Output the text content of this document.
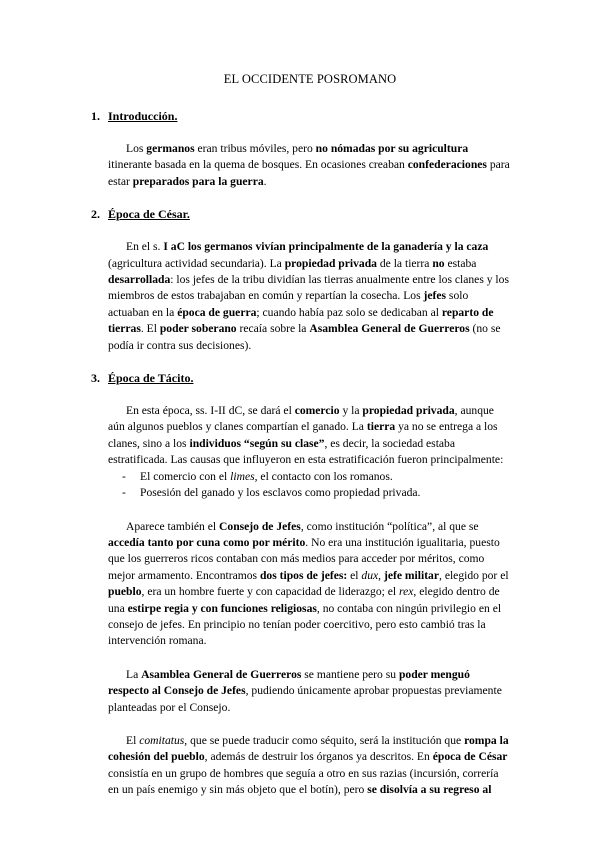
EL OCCIDENTE POSROMANO
1. Introducción.

Los germanos eran tribus móviles, pero no nómadas por su agricultura itinerante basada en la quema de bosques. En ocasiones creaban confederaciones para estar preparados para la guerra.

2. Época de César.

En el s. I aC los germanos vivían principalmente de la ganadería y la caza (agricultura actividad secundaria). La propiedad privada de la tierra no estaba desarrollada: los jefes de la tribu dividían las tierras anualmente entre los clanes y los miembros de estos trabajaban en común y repartían la cosecha. Los jefes solo actuaban en la época de guerra; cuando había paz solo se dedicaban al reparto de tierras. El poder soberano recaía sobre la Asamblea General de Guerreros (no se podía ir contra sus decisiones).

3. Época de Tácito.

En esta época, ss. I-II dC, se dará el comercio y la propiedad privada, aunque aún algunos pueblos y clanes compartían el ganado. La tierra ya no se entrega a los clanes, sino a los individuos “según su clase”, es decir, la sociedad estaba estratificada. Las causas que influyeron en esta estratificación fueron principalmente:

-	El comercio con el limes, el contacto con los romanos.
-	Posesión del ganado y los esclavos como propiedad privada.

Aparece también el Consejo de Jefes, como institución “política”, al que se accedía tanto por cuna como por mérito. No era una institución igualitaria, puesto que los guerreros ricos contaban con más medios para acceder por méritos, como mejor armamento. Encontramos dos tipos de jefes: el dux, jefe militar, elegido por el pueblo, era un hombre fuerte y con capacidad de liderazgo; el rex, elegido dentro de una estirpe regia y con funciones religiosas, no contaba con ningún privilegio en el consejo de jefes. En principio no tenían poder coercitivo, pero esto cambió tras la intervención romana.

La Asamblea General de Guerreros se mantiene pero su poder menguó respecto al Consejo de Jefes, pudiendo únicamente aprobar propuestas previamente planteadas por el Consejo.

El comitatus, que se puede traducir como séquito, será la institución que rompa la cohesión del pueblo, además de destruir los órganos ya descritos. En época de César consistía en un grupo de hombres que seguía a otro en sus razias (incursión, correría en un país enemigo y sin más objeto que el botín), pero se disolvía a su regreso al
